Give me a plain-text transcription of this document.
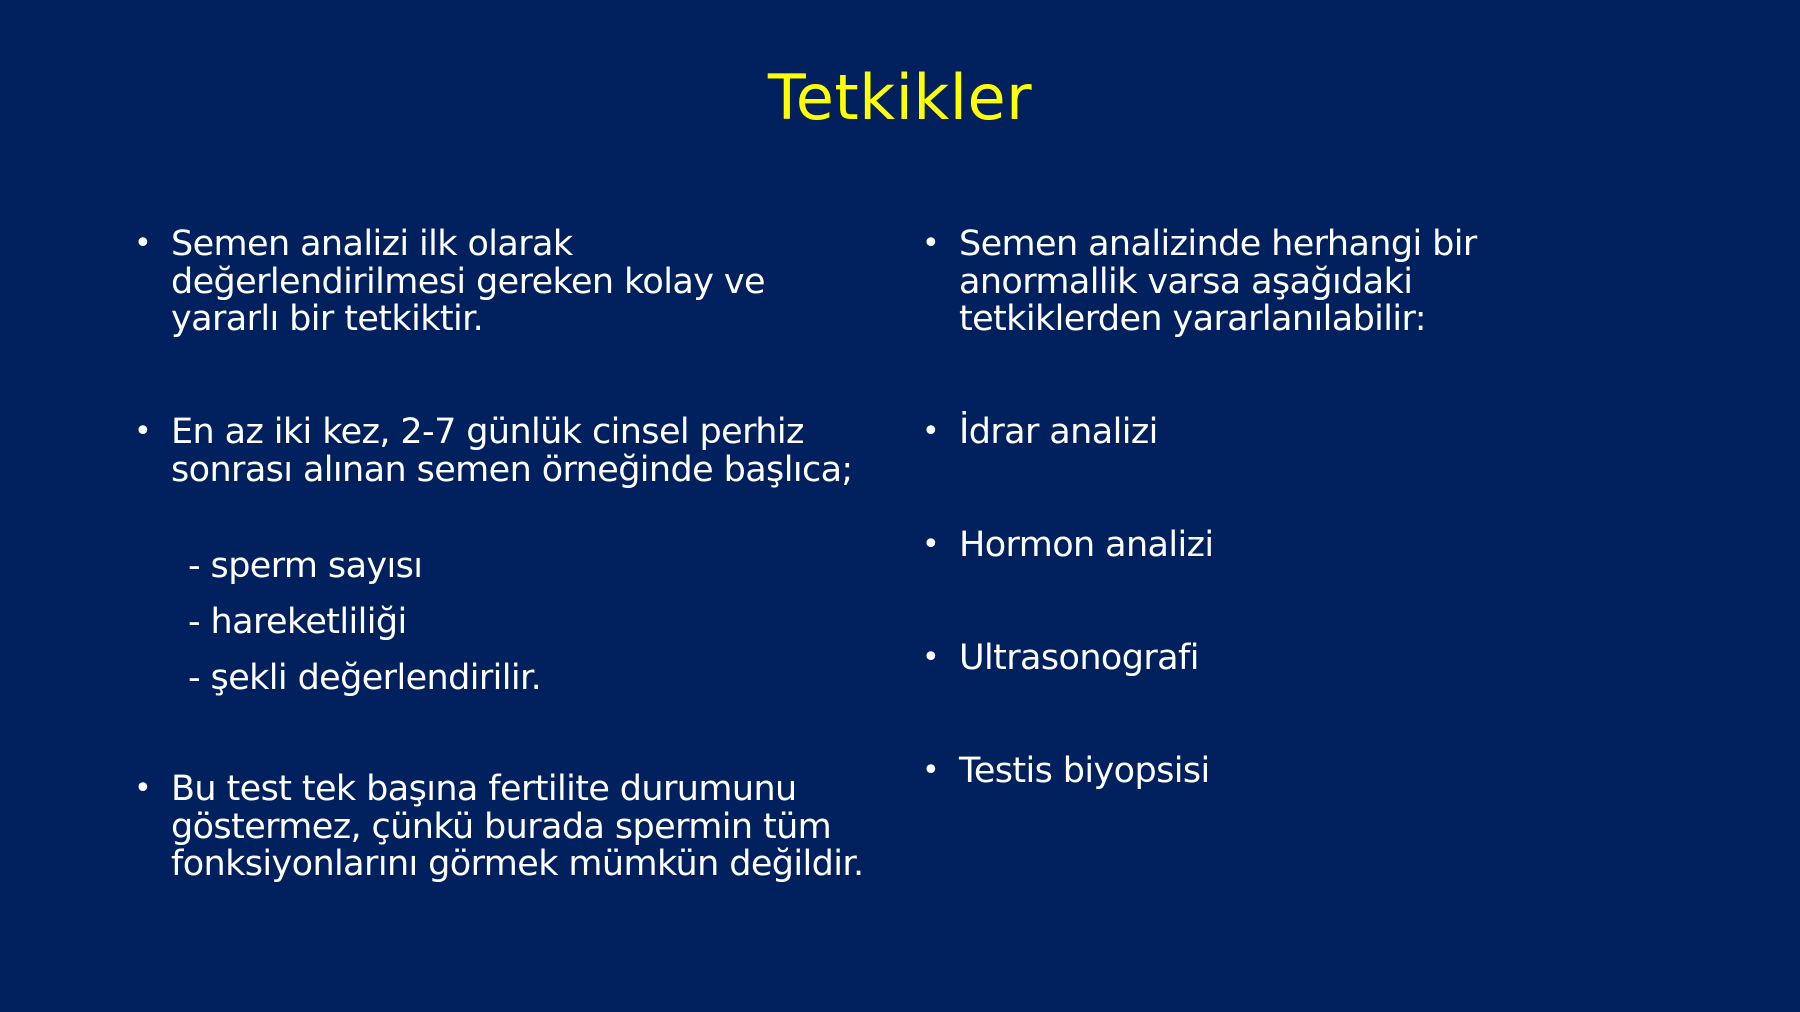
Tetkikler
• Semen analizi ilk olarak değerlendirilmesi gereken kolay ve yararlı bir tetkiktir.
• En az iki kez, 2-7 günlük cinsel perhiz sonrası alınan semen örneğinde başlıca;
- sperm sayısı
- hareketliliği
- şekli değerlendirilir.
• Bu test tek başına fertilite durumunu göstermez, çünkü burada spermin tüm fonksiyonlarını görmek mümkün değildir.
• Semen analizinde herhangi bir anormallik varsa aşağıdaki tetkiklerden yararlanılabilir:
• İdrar analizi
• Hormon analizi
• Ultrasonografi
• Testis biyopsisi
